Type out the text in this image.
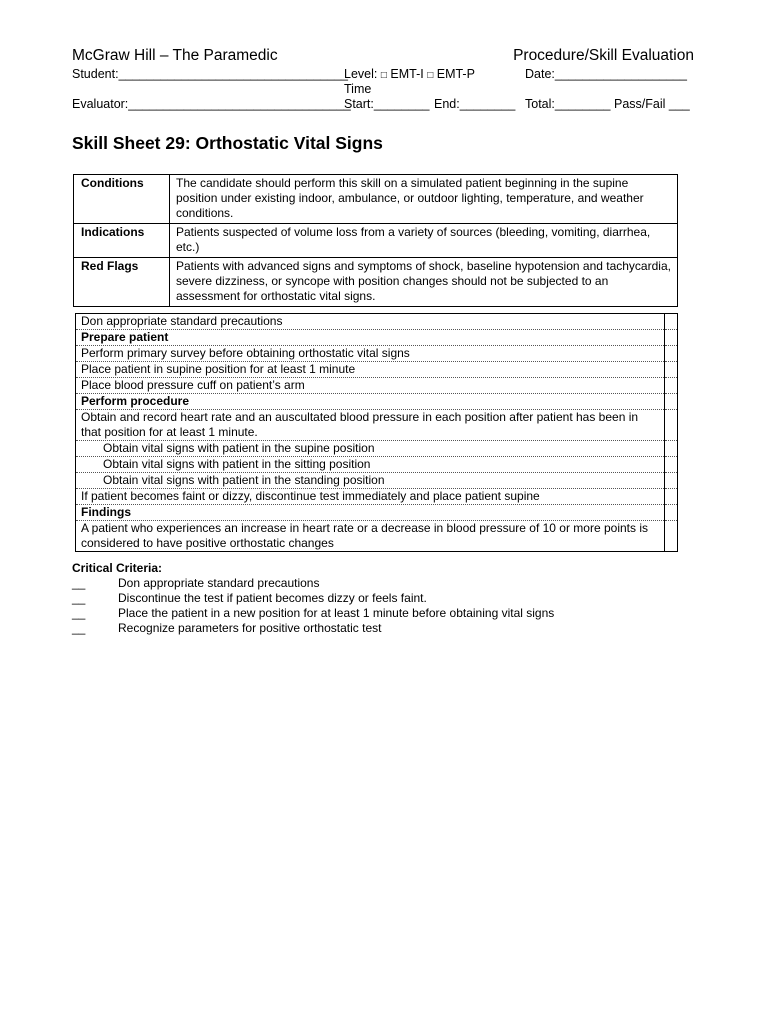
McGraw Hill – The Paramedic	Procedure/Skill Evaluation
Student:_________________________________
Level: □ EMT-I □ EMT-P	Date:___________________
Time
Evaluator:________________________________
Start:________ End:________ Total:________ Pass/Fail ___
Skill Sheet 29: Orthostatic Vital Signs
Conditions	The candidate should perform this skill on a simulated patient beginning in the supine position under existing indoor, ambulance, or outdoor lighting, temperature, and weather conditions.
Indications	Patients suspected of volume loss from a variety of sources (bleeding, vomiting, diarrhea, etc.)
Red Flags	Patients with advanced signs and symptoms of shock, baseline hypotension and tachycardia, severe dizziness, or syncope with position changes should not be subjected to an assessment for orthostatic vital signs.
Don appropriate standard precautions	
Prepare patient	
Perform primary survey before obtaining orthostatic vital signs	
Place patient in supine position for at least 1 minute	
Place blood pressure cuff on patient’s arm	
Perform procedure	
Obtain and record heart rate and an auscultated blood pressure in each position after patient has been in that position for at least 1 minute.	
Obtain vital signs with patient in the supine position	
Obtain vital signs with patient in the sitting position	
Obtain vital signs with patient in the standing position	
If patient becomes faint or dizzy, discontinue test immediately and place patient supine	
Findings	
A patient who experiences an increase in heart rate or a decrease in blood pressure of 10 or more points is considered to have positive orthostatic changes	
Critical Criteria:
__	Don appropriate standard precautions
__	Discontinue the test if patient becomes dizzy or feels faint.
__	Place the patient in a new position for at least 1 minute before obtaining vital signs
__	Recognize parameters for positive orthostatic test
